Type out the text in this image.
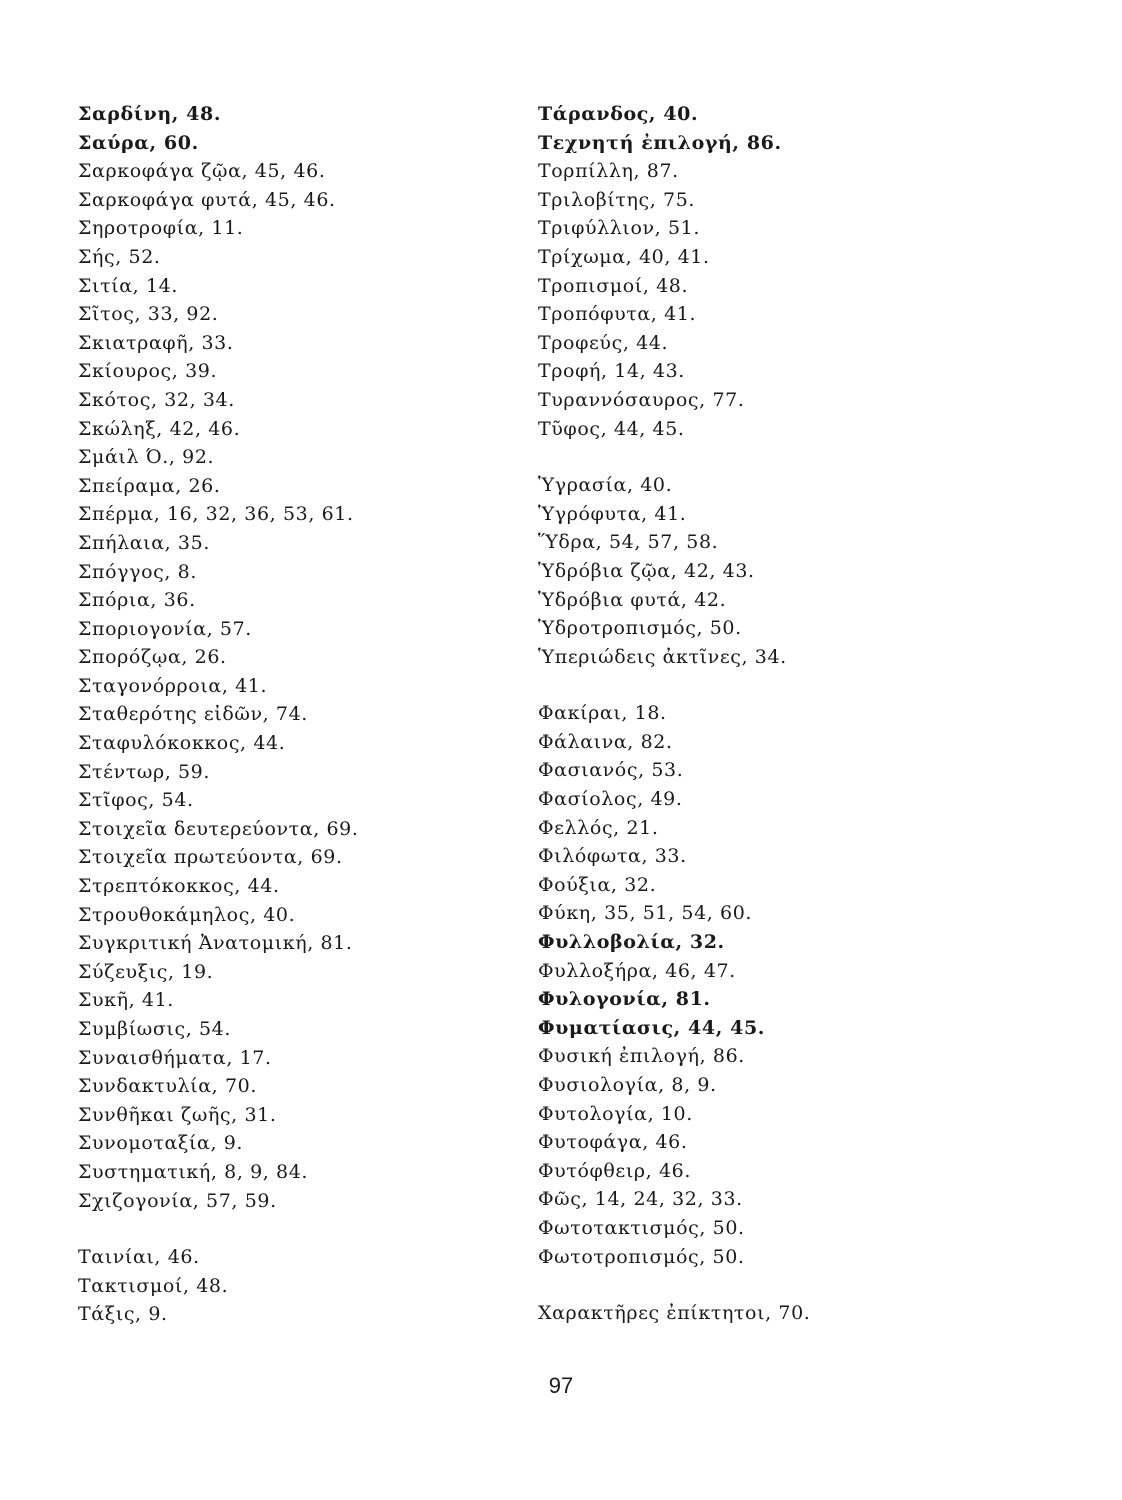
Σαρδίνη, 48.
Σαύρα, 60.
Σαρκοφάγα ζῷα, 45, 46.
Σαρκοφάγα φυτά, 45, 46.
Σηροτροφία, 11.
Σής, 52.
Σιτία, 14.
Σῖτος, 33, 92.
Σκιατραφῆ, 33.
Σκίουρος, 39.
Σκότος, 32, 34.
Σκώληξ, 42, 46.
Σμάιλ Ό., 92.
Σπείραμα, 26.
Σπέρμα, 16, 32, 36, 53, 61.
Σπήλαια, 35.
Σπόγγος, 8.
Σπόρια, 36.
Σποριογονία, 57.
Σπορόζῳα, 26.
Σταγονόρροια, 41.
Σταθερότης εἰδῶν, 74.
Σταφυλόκοκκος, 44.
Στέντωρ, 59.
Στῖφος, 54.
Στοιχεῖα δευτερεύοντα, 69.
Στοιχεῖα πρωτεύοντα, 69.
Στρεπτόκοκκος, 44.
Στρουθοκάμηλος, 40.
Συγκριτική Ἀνατομική, 81.
Σύζευξις, 19.
Συκῆ, 41.
Συμβίωσις, 54.
Συναισθήματα, 17.
Συνδακτυλία, 70.
Συνθῆκαι ζωῆς, 31.
Συνομοταξία, 9.
Συστηματική, 8, 9, 84.
Σχιζογονία, 57, 59.
Ταινίαι, 46.
Τακτισμοί, 48.
Τάξις, 9.
Τάρανδος, 40.
Τεχνητή ἐπιλογή, 86.
Τορπίλλη, 87.
Τριλοβίτης, 75.
Τριφύλλιον, 51.
Τρίχωμα, 40, 41.
Τροπισμοί, 48.
Τροπόφυτα, 41.
Τροφεύς, 44.
Τροφή, 14, 43.
Τυραννόσαυρος, 77.
Τῦφος, 44, 45.
Ὑγρασία, 40.
Ὑγρόφυτα, 41.
Ὕδρα, 54, 57, 58.
Ὑδρόβια ζῷα, 42, 43.
Ὑδρόβια φυτά, 42.
Ὑδροτροπισμός, 50.
Ὑπεριώδεις ἀκτῖνες, 34.
Φακίραι, 18.
Φάλαινα, 82.
Φασιανός, 53.
Φασίολος, 49.
Φελλός, 21.
Φιλόφωτα, 33.
Φούξια, 32.
Φύκη, 35, 51, 54, 60.
Φυλλοβολία, 32.
Φυλλοξήρα, 46, 47.
Φυλογονία, 81.
Φυματίασις, 44, 45.
Φυσική ἐπιλογή, 86.
Φυσιολογία, 8, 9.
Φυτολογία, 10.
Φυτοφάγα, 46.
Φυτόφθειρ, 46.
Φῶς, 14, 24, 32, 33.
Φωτοτακτισμός, 50.
Φωτοτροπισμός, 50.
Χαρακτῆρες ἐπίκτητοι, 70.
97
